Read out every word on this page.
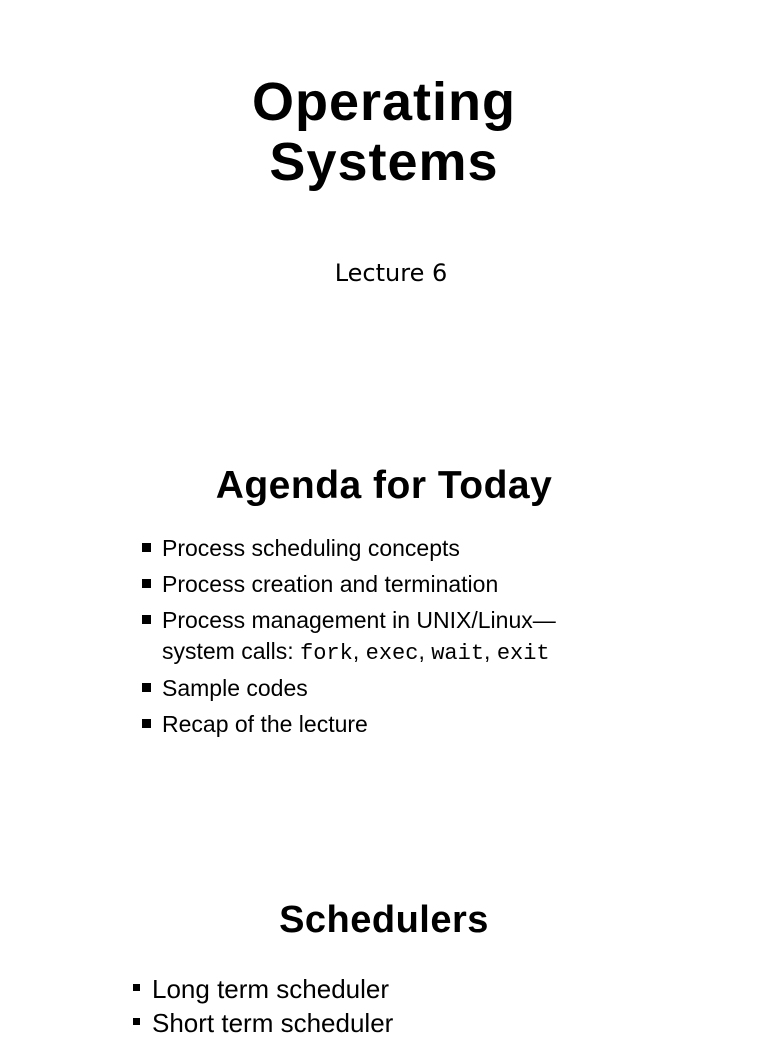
Operating
Systems
Lecture 6
Agenda for Today
Process scheduling concepts
Process creation and termination
Process management in UNIX/Linux—
system calls: fork, exec, wait, exit
Sample codes
Recap of the lecture
Schedulers
Long term scheduler
Short term scheduler
